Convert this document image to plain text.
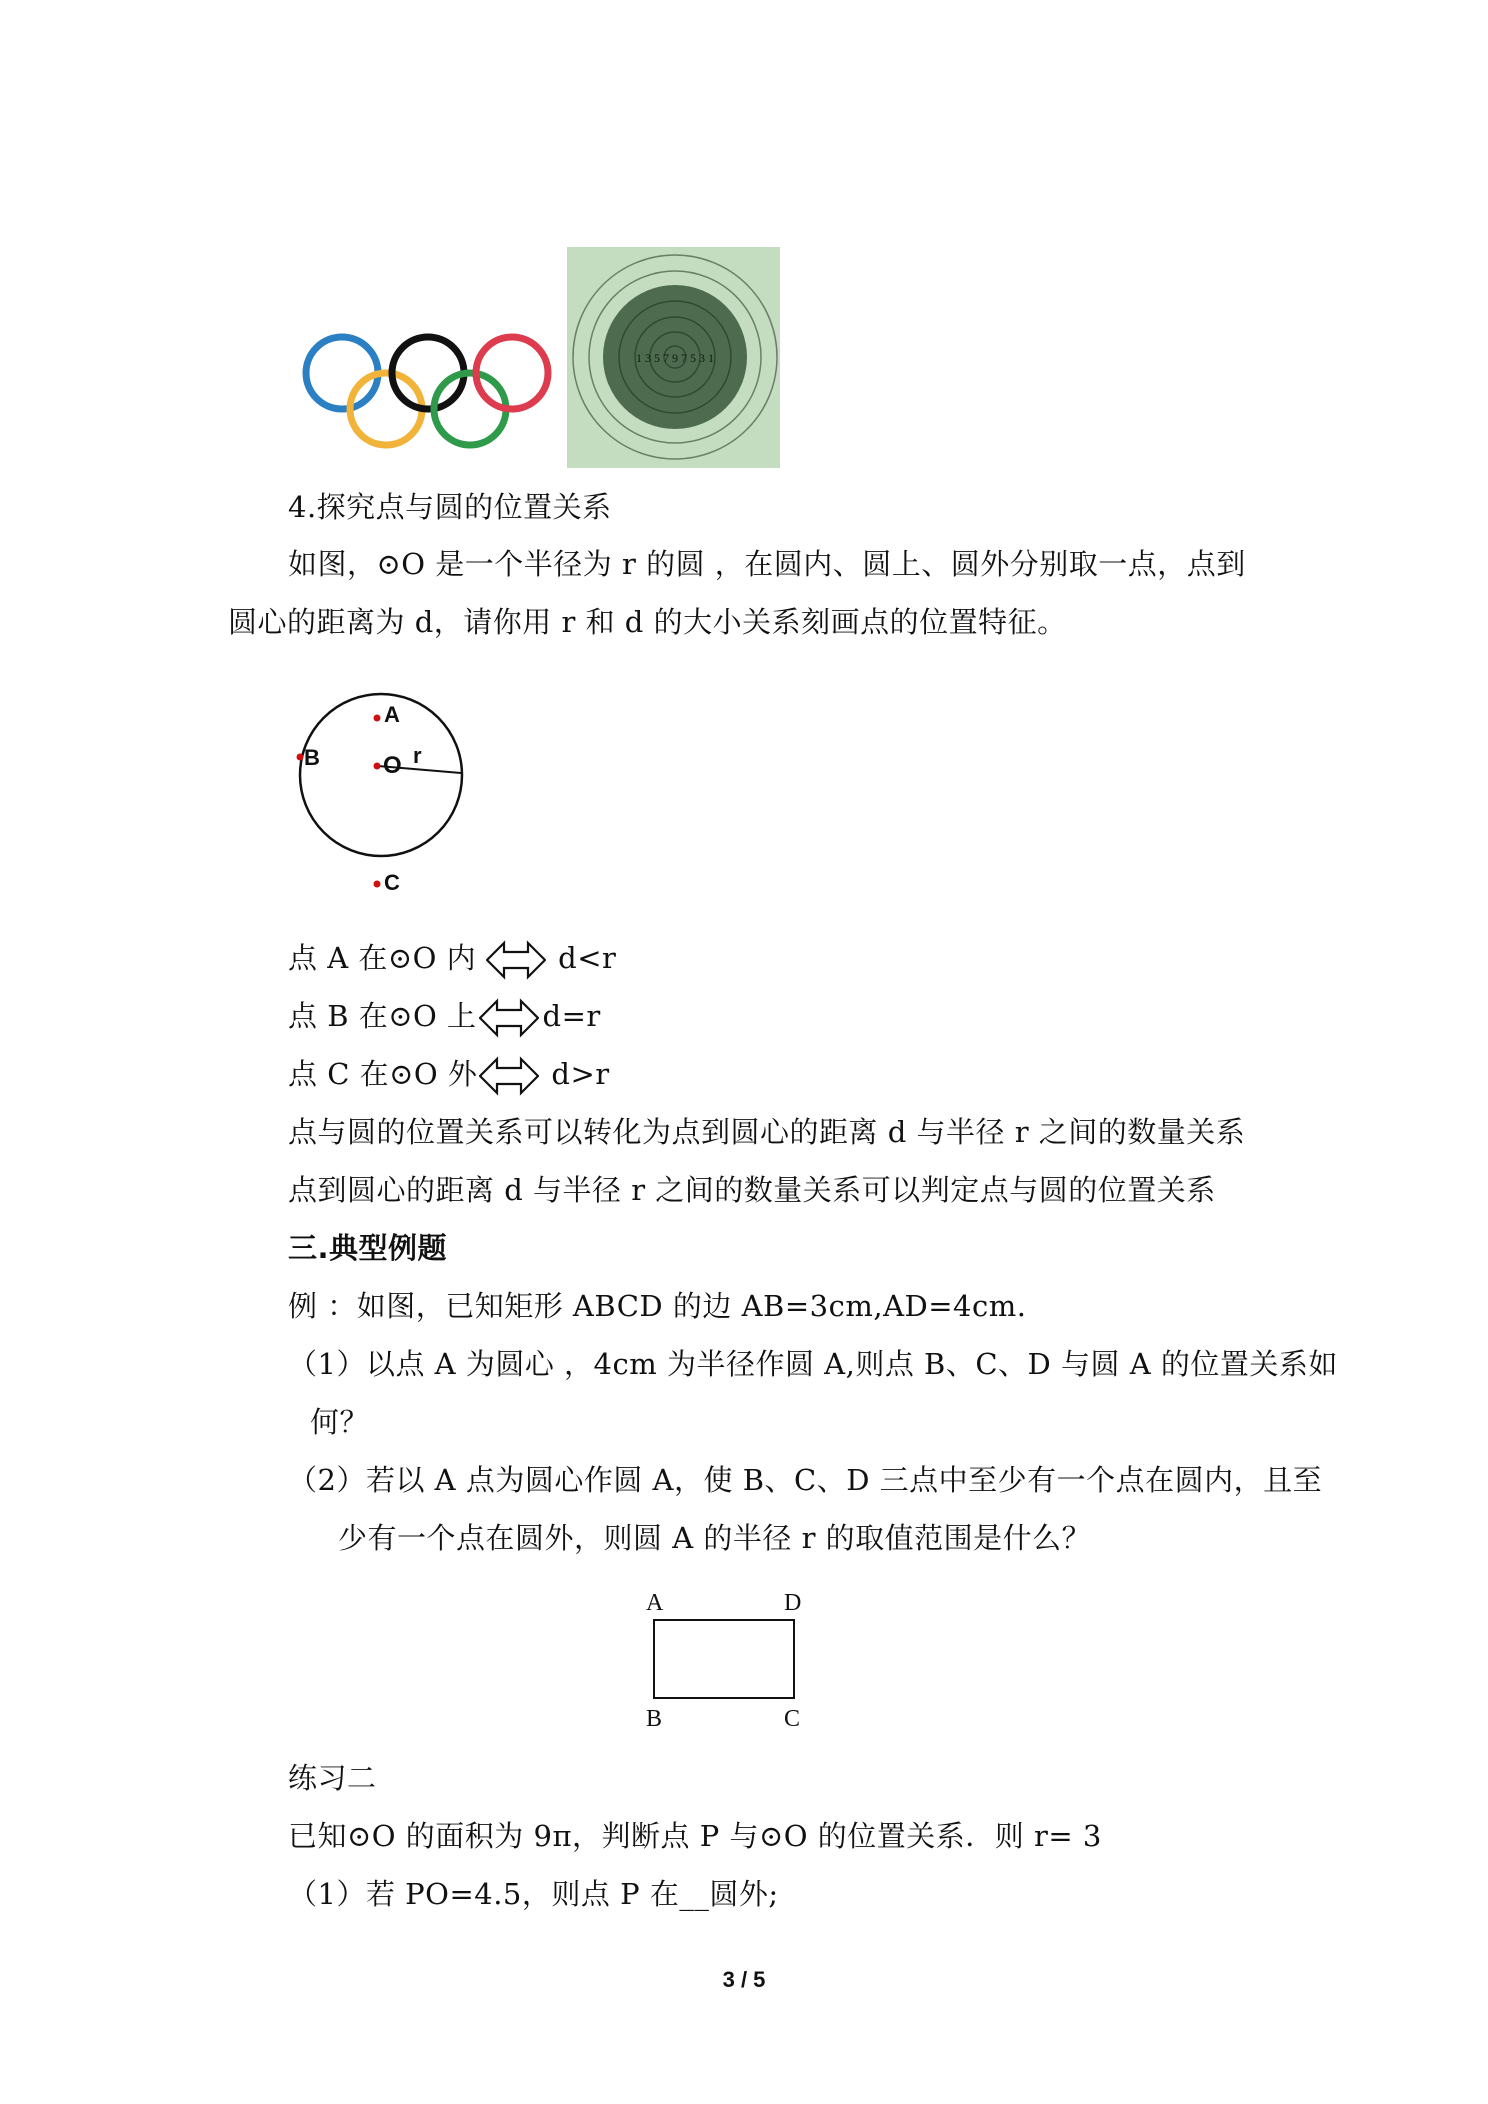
1 3 5 7 9 7 5 3 1
4.探究点与圆的位置关系
如图，⊙O 是一个半径为 r 的圆 ，在圆内、圆上、圆外分别取一点，点到
圆心的距离为 d，请你用 r 和 d 的大小关系刻画点的位置特征。
A
B	O r
C
点 A 在⊙O 内	d<r
点 B 在⊙O 上 d=r
点 C 在⊙O 外	d>r
点与圆的位置关系可以转化为点到圆心的距离 d 与半径 r 之间的数量关系
点到圆心的距离 d 与半径 r 之间的数量关系可以判定点与圆的位置关系
三.典型例题
例 ：如图，已知矩形 ABCD 的边 AB=3cm,AD=4cm.
（1）以点 A 为圆心 ，4cm 为半径作圆 A,则点 B、C、D 与圆 A 的位置关系如
何？
（2）若以 A 点为圆心作圆 A，使 B、C、D 三点中至少有一个点在圆内，且至
少有一个点在圆外，则圆 A 的半径 r 的取值范围是什么？
A	D
B	C
练习二
已知⊙O 的面积为 9π，判断点 P 与⊙O 的位置关系．则 r= 3
（1）若 PO=4.5，则点 P 在__圆外;
3 / 5
